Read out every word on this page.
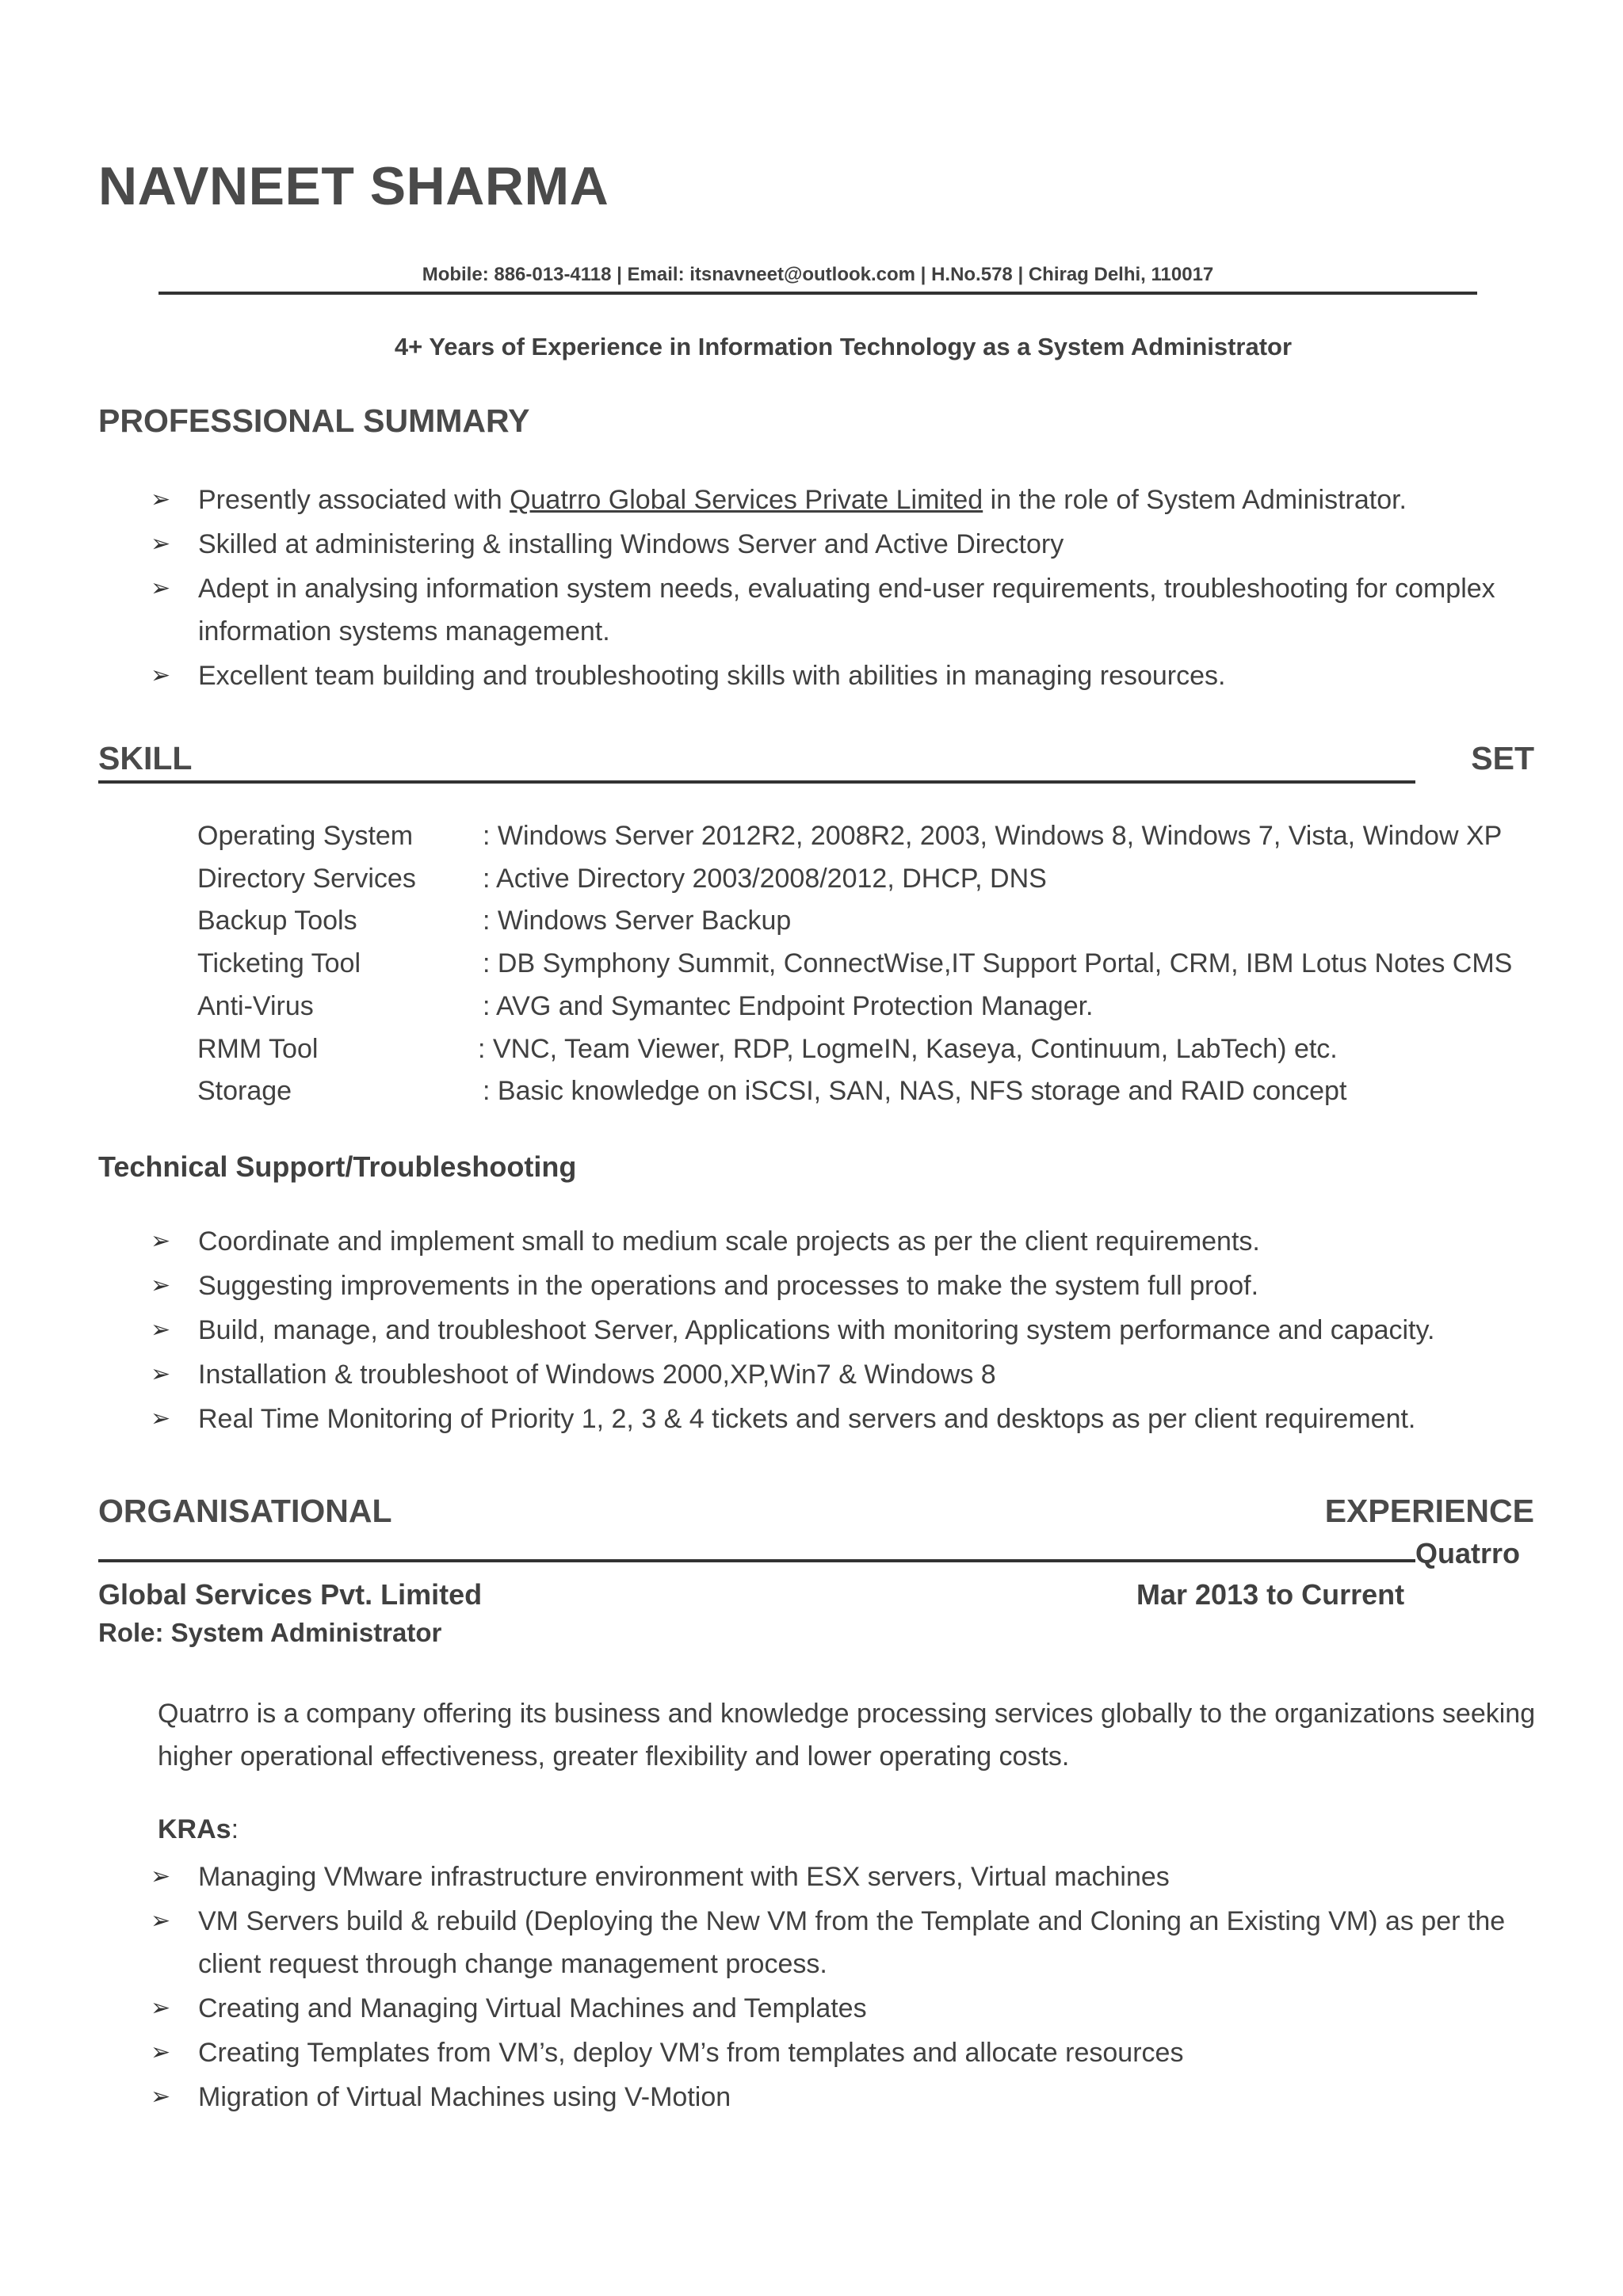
NAVNEET SHARMA
Mobile: 886-013-4118 | Email: itsnavneet@outlook.com | H.No.578 | Chirag Delhi, 110017
4+ Years of Experience in Information Technology as a System Administrator
PROFESSIONAL SUMMARY
➢ Presently associated with Quatrro Global Services Private Limited in the role of System Administrator.
➢ Skilled at administering & installing Windows Server and Active Directory
➢ Adept in analysing information system needs, evaluating end-user requirements, troubleshooting for complex information systems management.
➢ Excellent team building and troubleshooting skills with abilities in managing resources.
SKILL	SET
Operating System	: Windows Server 2012R2, 2008R2, 2003, Windows 8, Windows 7, Vista, Window XP
Directory Services : Active Directory 2003/2008/2012, DHCP, DNS
Backup Tools	: Windows Server Backup
Ticketing Tool	: DB Symphony Summit, ConnectWise,IT Support Portal, CRM, IBM Lotus Notes CMS
Anti-Virus	: AVG and Symantec Endpoint Protection Manager.
RMM Tool	: VNC, Team Viewer, RDP, LogmeIN, Kaseya, Continuum, LabTech) etc.
Storage	: Basic knowledge on iSCSI, SAN, NAS, NFS storage and RAID concept
Technical Support/Troubleshooting
➢ Coordinate and implement small to medium scale projects as per the client requirements.
➢ Suggesting improvements in the operations and processes to make the system full proof.
➢ Build, manage, and troubleshoot Server, Applications with monitoring system performance and capacity.
➢ Installation & troubleshoot of Windows 2000,XP,Win7 & Windows 8
➢ Real Time Monitoring of Priority 1, 2, 3 & 4 tickets and servers and desktops as per client requirement.
ORGANISATIONAL	EXPERIENCE
Quatrro
Global Services Pvt. Limited	Mar 2013 to Current
Role: System Administrator
Quatrro is a company offering its business and knowledge processing services globally to the organizations seeking higher operational effectiveness, greater flexibility and lower operating costs.
KRAs:
➢ Managing VMware infrastructure environment with ESX servers, Virtual machines
➢ VM Servers build & rebuild (Deploying the New VM from the Template and Cloning an Existing VM) as per the client request through change management process.
➢ Creating and Managing Virtual Machines and Templates
➢ Creating Templates from VM’s, deploy VM’s from templates and allocate resources
➢ Migration of Virtual Machines using V-Motion
